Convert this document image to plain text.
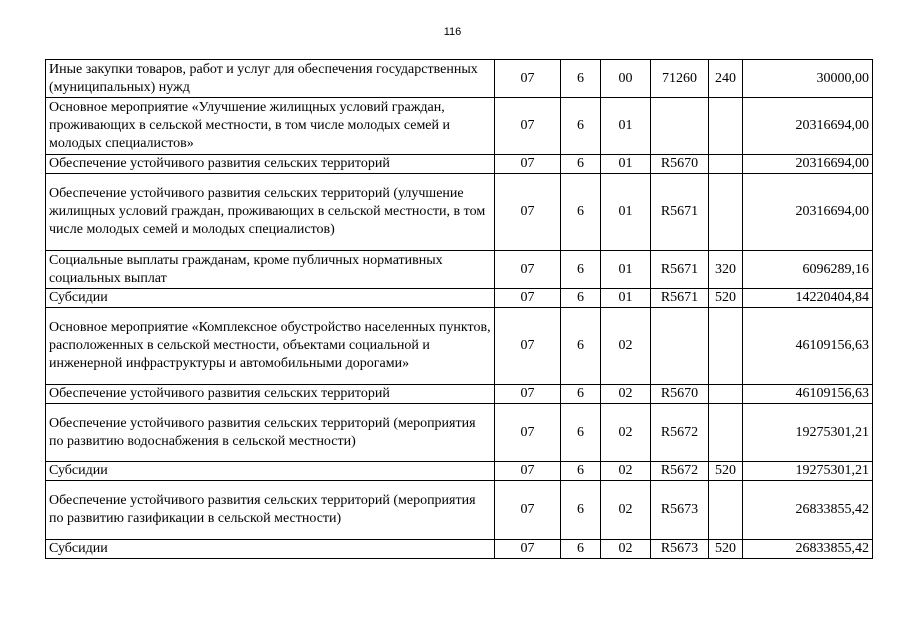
116
Иные закупки товаров, работ и услуг для обеспечения государственных (муниципальных) нужд	07	6	00	71260	240	30000,00
Основное мероприятие «Улучшение жилищных условий граждан, проживающих в сельской местности, в том числе молодых семей и молодых специалистов»	07	6	01			20316694,00
Обеспечение устойчивого развития сельских территорий	07	6	01	R5670		20316694,00
Обеспечение устойчивого развития сельских территорий (улучшение жилищных условий граждан, проживающих в сельской местности, в том числе молодых семей и молодых специалистов)	07	6	01	R5671		20316694,00
Социальные выплаты гражданам, кроме публичных нормативных социальных выплат	07	6	01	R5671	320	6096289,16
Субсидии	07	6	01	R5671	520	14220404,84
Основное мероприятие «Комплексное обустройство населенных пунктов, расположенных в сельской местности, объектами социальной и инженерной инфраструктуры и автомобильными дорогами»	07	6	02			46109156,63
Обеспечение устойчивого развития сельских территорий	07	6	02	R5670		46109156,63
Обеспечение устойчивого развития сельских территорий (мероприятия по развитию водоснабжения в сельской местности)	07	6	02	R5672		19275301,21
Субсидии	07	6	02	R5672	520	19275301,21
Обеспечение устойчивого развития сельских территорий (мероприятия по развитию газификации в сельской местности)	07	6	02	R5673		26833855,42
Субсидии	07	6	02	R5673	520	26833855,42
